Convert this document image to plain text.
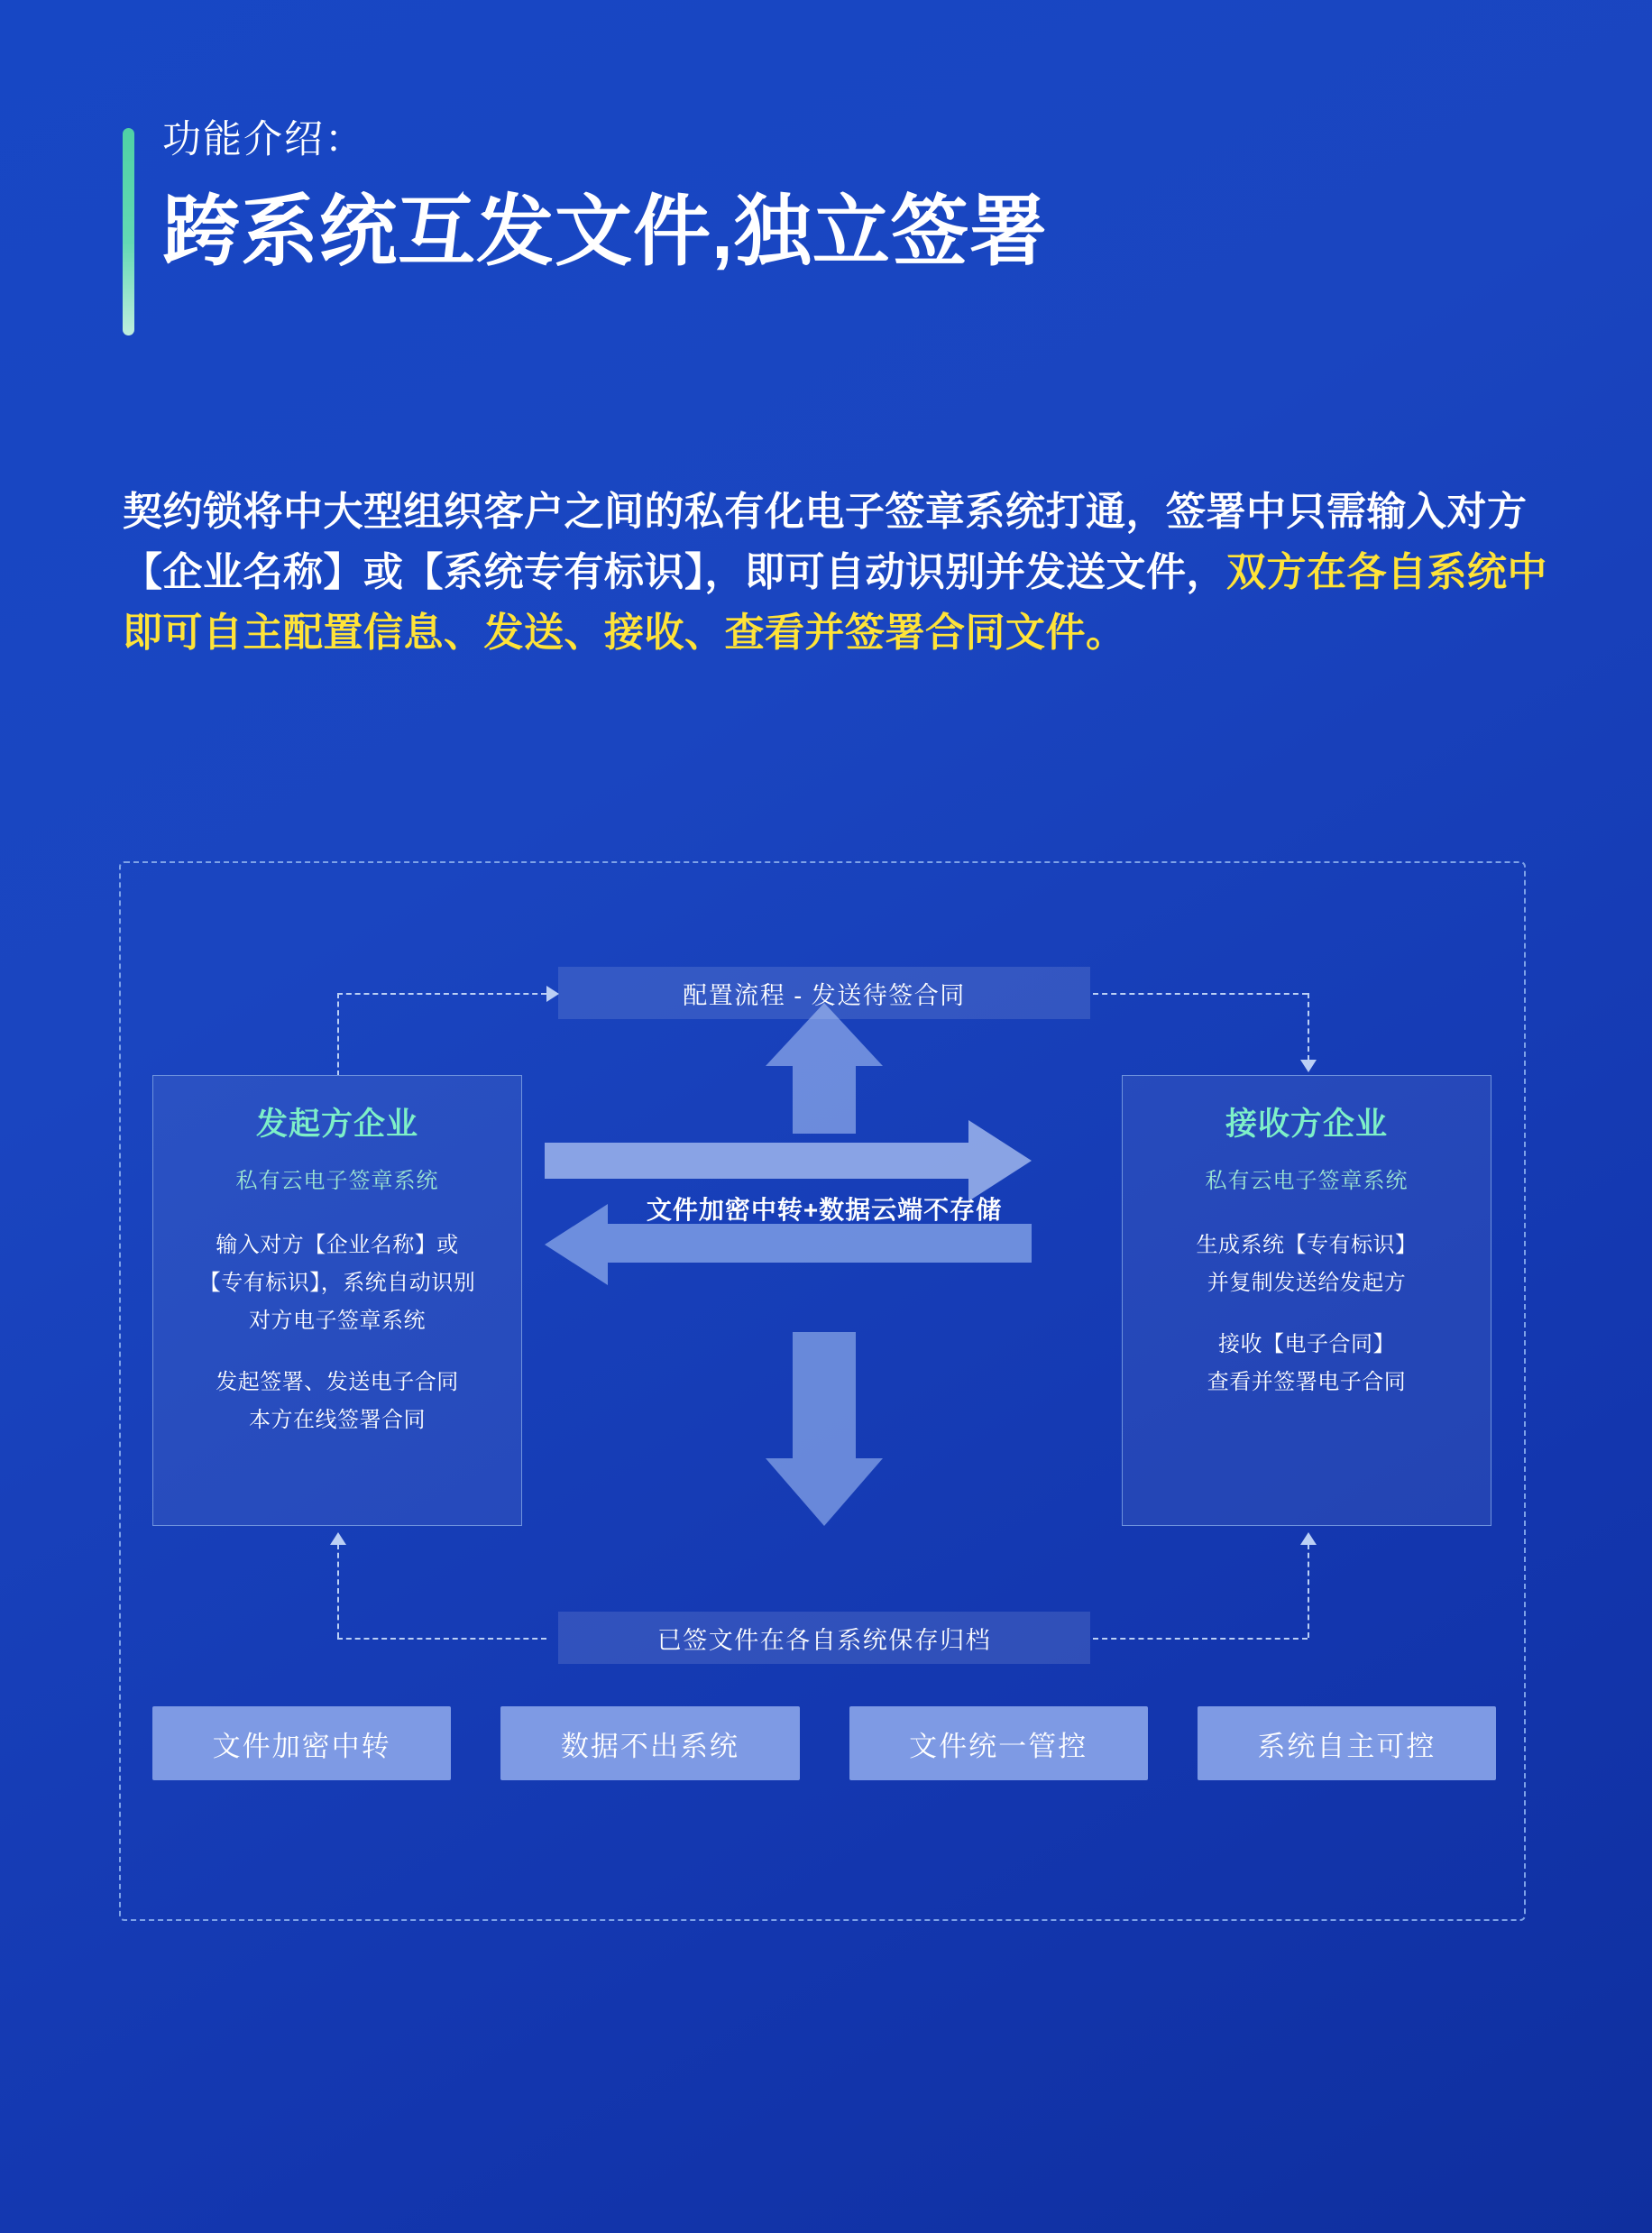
功能介绍：
跨系统互发文件,独立签署
契约锁将中大型组织客户之间的私有化电子签章系统打通，签署中只需输入对方【企业名称】或【系统专有标识】，即可自动识别并发送文件，双方在各自系统中即可自主配置信息、发送、接收、查看并签署合同文件。
文件加密中转+数据云端不存储
配置流程 - 发送待签合同
已签文件在各自系统保存归档
发起方企业
私有云电子签章系统
输入对方【企业名称】或
【专有标识】，系统自动识别
对方电子签章系统
发起签署、发送电子合同
本方在线签署合同
接收方企业
私有云电子签章系统
生成系统【专有标识】
并复制发送给发起方
接收【电子合同】
查看并签署电子合同
文件加密中转	数据不出系统	文件统一管控	系统自主可控
